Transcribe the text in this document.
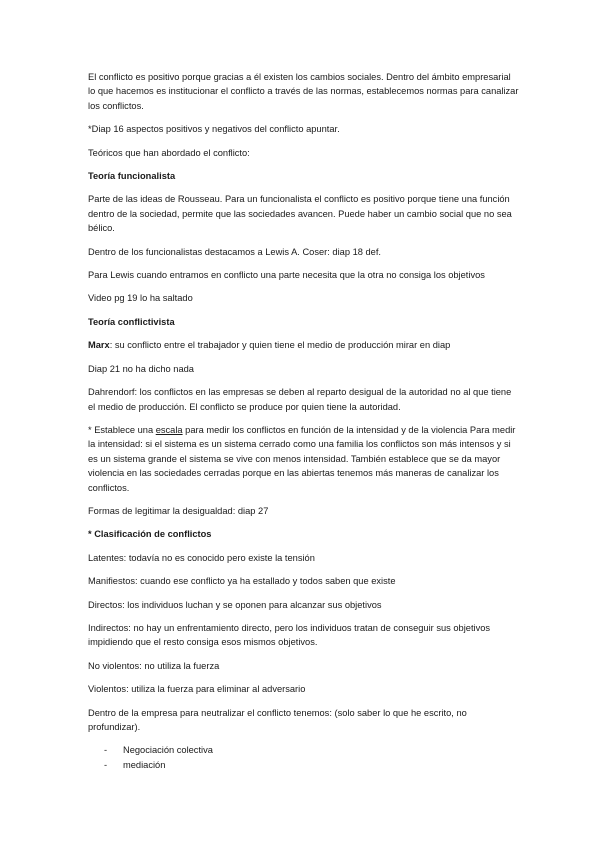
El conflicto es positivo porque gracias a él existen los cambios sociales. Dentro del ámbito empresarial lo que hacemos es institucionar el conflicto a través de las normas, establecemos normas para canalizar los conflictos.

*Diap 16 aspectos positivos y negativos del conflicto apuntar.

Teóricos que han abordado el conflicto:

Teoría funcionalista

Parte de las ideas de Rousseau. Para un funcionalista el conflicto es positivo porque tiene una función dentro de la sociedad, permite que las sociedades avancen. Puede haber un cambio social que no sea bélico.

Dentro de los funcionalistas destacamos a Lewis A. Coser: diap 18 def.

Para Lewis cuando entramos en conflicto una parte necesita que la otra no consiga los objetivos

Video pg 19 lo ha saltado

Teoría conflictivista

Marx: su conflicto entre el trabajador y quien tiene el medio de producción mirar en diap

Diap 21 no ha dicho nada

Dahrendorf: los conflictos en las empresas se deben al reparto desigual de la autoridad no al que tiene el medio de producción. El conflicto se produce por quien tiene la autoridad.

* Establece una escala para medir los conflictos en función de la intensidad y de la violencia Para medir la intensidad: si el sistema es un sistema cerrado como una familia los conflictos son más intensos y si es un sistema grande el sistema se vive con menos intensidad. También establece que se da mayor violencia en las sociedades cerradas porque en las abiertas tenemos más maneras de canalizar los conflictos.

Formas de legitimar la desigualdad: diap 27

* Clasificación de conflictos

Latentes: todavía no es conocido pero existe la tensión

Manifiestos: cuando ese conflicto ya ha estallado y todos saben que existe

Directos: los individuos luchan y se oponen para alcanzar sus objetivos

Indirectos: no hay un enfrentamiento directo, pero los individuos tratan de conseguir sus objetivos impidiendo que el resto consiga esos mismos objetivos.

No violentos: no utiliza la fuerza

Violentos: utiliza la fuerza para eliminar al adversario

Dentro de la empresa para neutralizar el conflicto tenemos: (solo saber lo que he escrito, no profundizar).

- Negociación colectiva
- mediación
